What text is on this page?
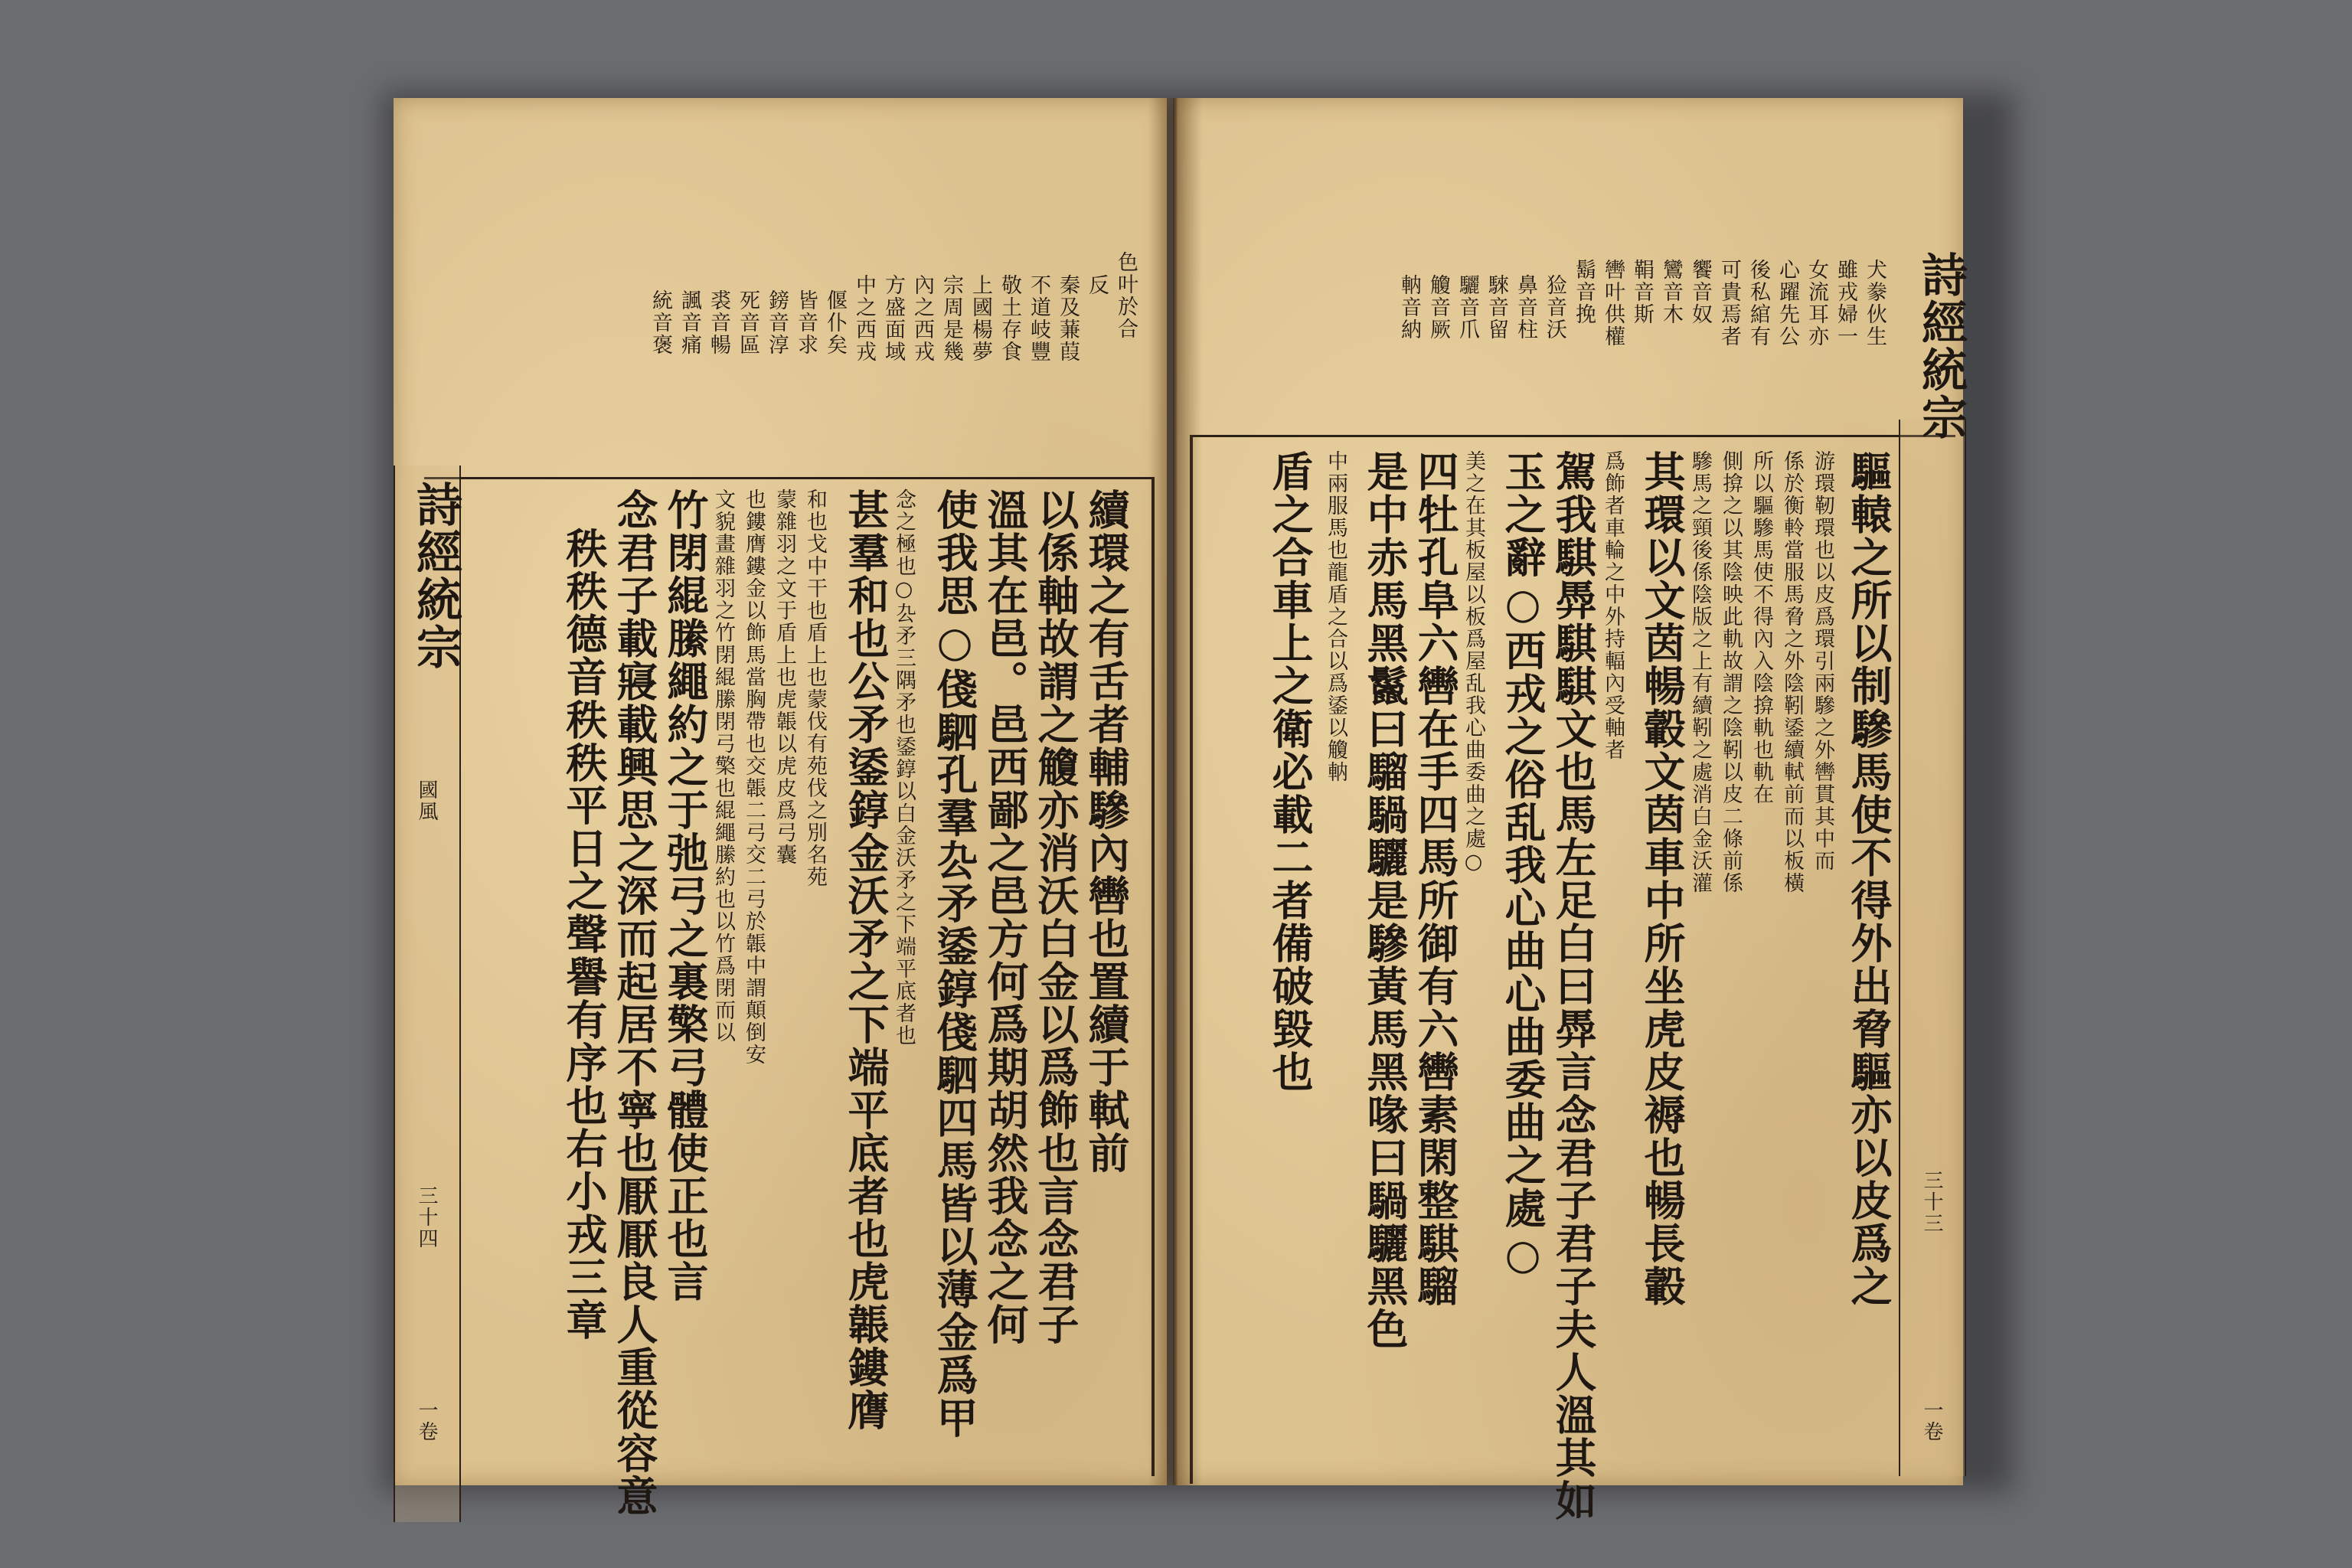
色叶於合
反
秦及蒹葭
不道岐豐
敬土存食
上國楊夢
宗周是幾
內之西戎
方盛面域
中之西戎
偃仆矣
皆音求
鎊音淳
死音區
裘音暢
諷音痛
統音褒
續環之有舌者輔驂內轡也置續于軾前
以係軸故謂之觼亦消沃白金以爲飾也言念君子
溫其在邑。邑西鄙之邑方何爲期胡然我念之何
使我思○俴駟孔羣厹矛鋈錞俴駟四馬皆以薄金爲甲
念之極也○厹矛三隅矛也鋈錞以白金沃矛之下端平底者也
甚羣和也公矛鋈錞金沃矛之下端平底者也虎韔鏤膺
和也戈中干也盾上也蒙伐有苑伐之別名苑
蒙雜羽之文于盾上也虎韔以虎皮爲弓囊
也鏤膺鏤金以飾馬當胸帶也交韔二弓交二弓於韔中謂顛倒安
文貌畫雜羽之竹閉緄縢閉弓檠也緄繩縢約也以竹爲閉而以
竹閉緄縢繩約之于弛弓之裏檠弓體使正也言
念君子載寢載興思之深而起居不寧也厭厭良人重從容意
秩秩德音秩秩平日之聲譽有序也右小戎三章
詩經統宗
國風
三十四
一卷
犬豢伙生
雖戎婦一
女流耳亦
心躍先公
後私綰有
可貴焉者
饗音奴
鸞音木
鞙音斯
轡叶供權
鬍音挽
猃音沃
鼻音柱
騋音留
驪音爪
觼音厥
軜音納
驅轅之所以制驂馬使不得外出脅驅亦以皮爲之
游環靭環也以皮爲環引兩驂之外轡貫其中而
係於衡軨當服馬脅之外陰靷鋈續軾前而以板橫
所以驅驂馬使不得內入陰揜軌也軌在
側揜之以其陰映此軌故謂之陰靷以皮二條前係
驂馬之頸後係陰版之上有續靷之處消白金沃灌
其環以文茵暢轂文茵車中所坐虎皮褥也暢長轂
爲飾者車輪之中外持輻內受軸者
駕我騏馵騏騏文也馬左足白曰馵言念君子君子夫人溫其如
玉之辭○西戎之俗乱我心曲心曲委曲之處○
美之在其板屋以板爲屋乱我心曲委曲之處○
四牡孔阜六轡在手四馬所御有六轡素閑整騏騮
是中赤馬黑鬣曰騮騧驪是驂黃馬黑喙曰騧驪黑色
中兩服馬也龍盾之合以爲鋈以觼軜
盾之合車上之衛必載二者備破毀也
詩經統宗
三十三
一卷
